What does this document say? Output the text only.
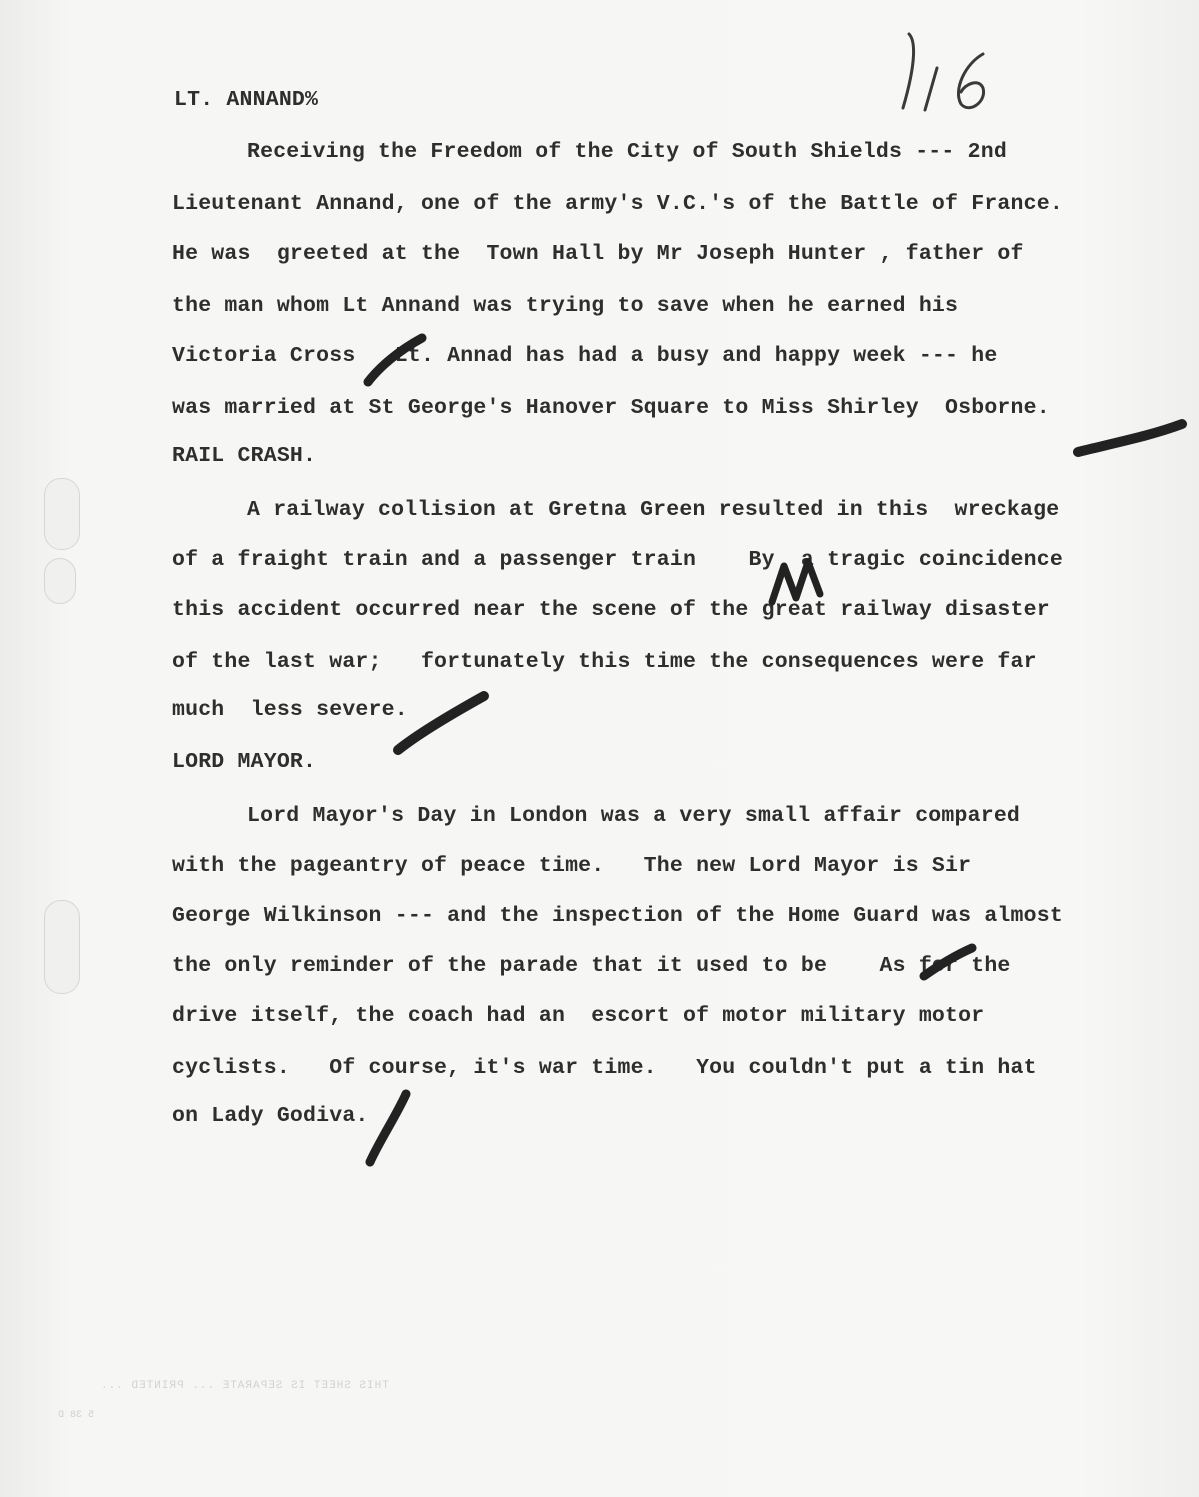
LT. ANNAND%
Receiving the Freedom of the City of South Shields --- 2nd
Lieutenant Annand, one of the army's V.C.'s of the Battle of France.
He was  greeted at the  Town Hall by Mr Joseph Hunter , father of
the man whom Lt Annand was trying to save when he earned his
Victoria Cross   Lt. Annad has had a busy and happy week --- he
was married at St George's Hanover Square to Miss Shirley  Osborne.
RAIL CRASH.
A railway collision at Gretna Green resulted in this  wreckage
of a fraight train and a passenger train    By  a tragic coincidence
this accident occurred near the scene of the great railway disaster
of the last war;   fortunately this time the consequences were far
much  less severe.
LORD MAYOR.
Lord Mayor's Day in London was a very small affair compared
with the pageantry of peace time.   The new Lord Mayor is Sir
George Wilkinson --- and the inspection of the Home Guard was almost
the only reminder of the parade that it used to be    As for the
drive itself, the coach had an  escort of motor military motor
cyclists.   Of course, it's war time.   You couldn't put a tin hat
on Lady Godiva.
THIS SHEET IS SEPARATE ... PRINTED ...
5 38 D
